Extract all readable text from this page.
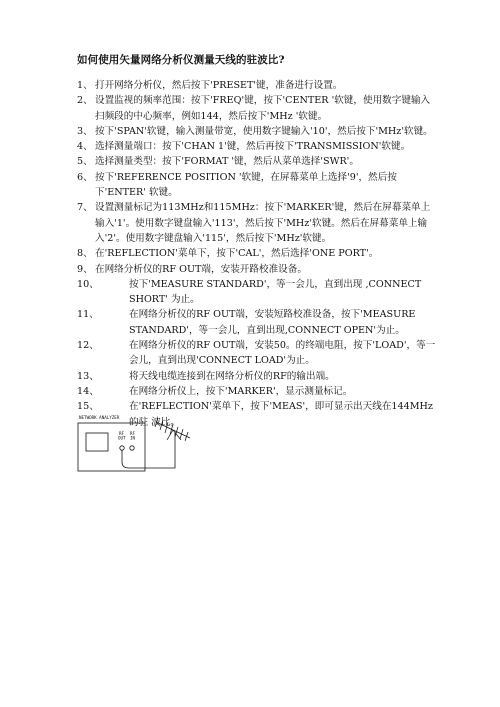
如何使用矢量网络分析仪测量天线的驻波比?
1、 打开网络分析仪，然后按下'PRESET'键，准备进行设置。
2、 设置监视的频率范围：按下'FREQ'键，按下'CENTER '软键，使用数字键输入扫频段的中心频率，例如144，然后按下'MHz '软键。
3、 按下'SPAN'软键，输入测量带宽，使用数字键输入'10'，然后按下'MHz'软键。
4、 选择测量端口：按下'CHAN 1'键，然后再按下'TRANSMISSION'软键。
5、 选择测量类型：按下'FORMAT '键，然后从菜单选择'SWR'。
6、 按下'REFERENCE POSITION '软键，在屏幕菜单上选择'9'，然后按下'ENTER' 软键。
7、 设置测量标记为113MHz和115MHz：按下'MARKER'键，然后在屏幕菜单上输入'1'。使用数字键盘输入'113'，然后按下'MHz'软键。然后在屏幕菜单上输入'2'。使用数字键盘输入'115'，然后按下'MHz'软键。
8、 在'REFLECTION'菜单下，按下'CAL'，然后选择'ONE PORT'。
9、 在网络分析仪的RF OUT端，安装开路校准设备。
10、	按下'MEASURE STANDARD'，等一会儿，直到出现 ,CONNECT SHORT' 为止。
11、	在网络分析仪的RF OUT端，安装短路校准设备，按下'MEASURE STANDARD'，等一会儿，直到出现,CONNECT OPEN'为止。
12、	在网络分析仪的RF OUT端，安装50。的终端电阻，按下'LOAD'，等一会儿，直到出现'CONNECT LOAD'为止。
13、	将天线电缆连接到在网络分析仪的RF的输出端。
14、	在网络分析仪上，按下'MARKER'，显示测量标记。
15、	在'REFLECTION'菜单下，按下'MEAS'，即可显示出天线在144MHz的驻 波比。
NETWORK ANALYZER
RF OUT
RF IN
